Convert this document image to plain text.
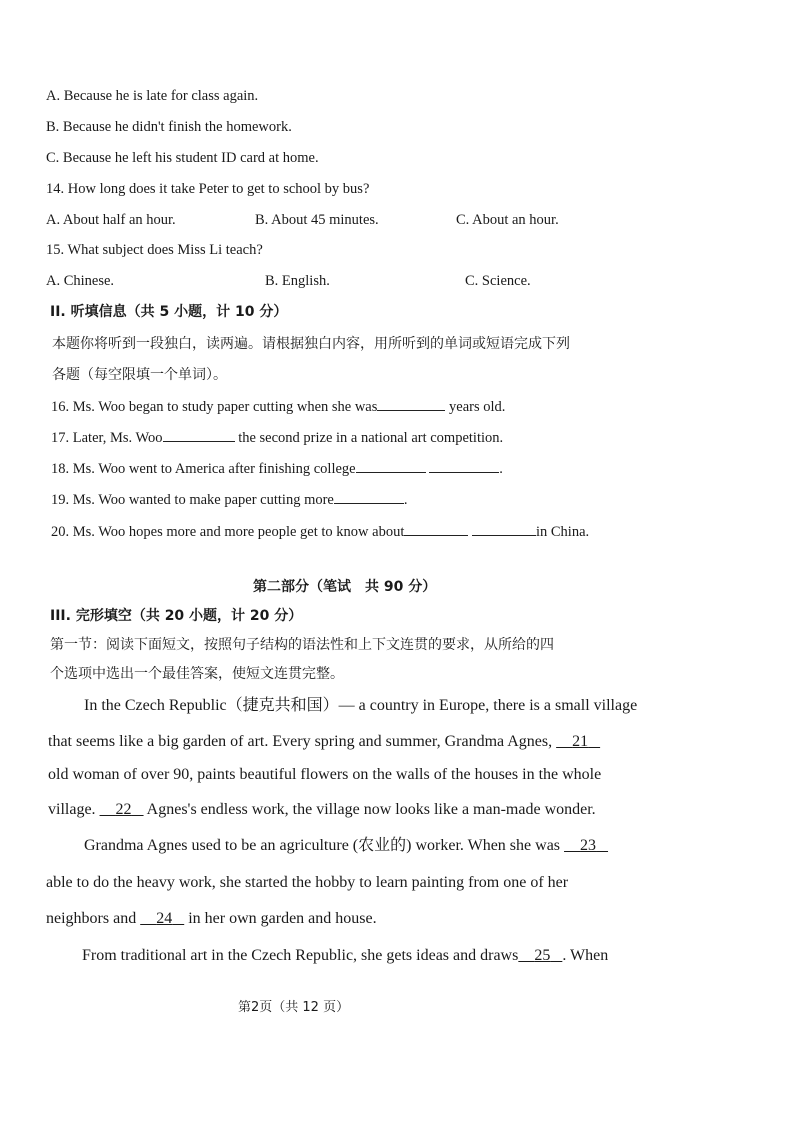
A. Because he is late for class again.
B. Because he didn't finish the homework.
C. Because he left his student ID card at home.
14. How long does it take Peter to get to school by bus?
A. About half an hour.	B. About 45 minutes.	C. About an hour.
15. What subject does Miss Li teach?
A. Chinese.	B. English.	C. Science.
II. 听填信息（共 5 小题，计 10 分）
本题你将听到一段独白，读两遍。请根据独白内容，用所听到的单词或短语完成下列
各题（每空限填一个单词）。
16. Ms. Woo began to study paper cutting when she was	years old.
17. Later, Ms. Woo	the second prize in a national art competition.
18. Ms. Woo went to America after finishing college	.
19. Ms. Woo wanted to make paper cutting more	.
20. Ms. Woo hopes more and more people get to know about	in China.
第二部分（笔试　共 90 分）
III. 完形填空（共 20 小题，计 20 分）
第一节：阅读下面短文，按照句子结构的语法性和上下文连贯的要求，从所给的四
个选项中选出一个最佳答案，使短文连贯完整。
In the Czech Republic（捷克共和国）— a country in Europe, there is a small village
that seems like a big garden of art. Every spring and summer, Grandma Agnes, 21
old woman of over 90, paints beautiful flowers on the walls of the houses in the whole
village. 22 Agnes's endless work, the village now looks like a man-made wonder.
Grandma Agnes used to be an agriculture (农业的) worker. When she was 23
able to do the heavy work, she started the hobby to learn painting from one of her
neighbors and 24 in her own garden and house.
From traditional art in the Czech Republic, she gets ideas and draws 25 . When
第2页（共 12 页）
